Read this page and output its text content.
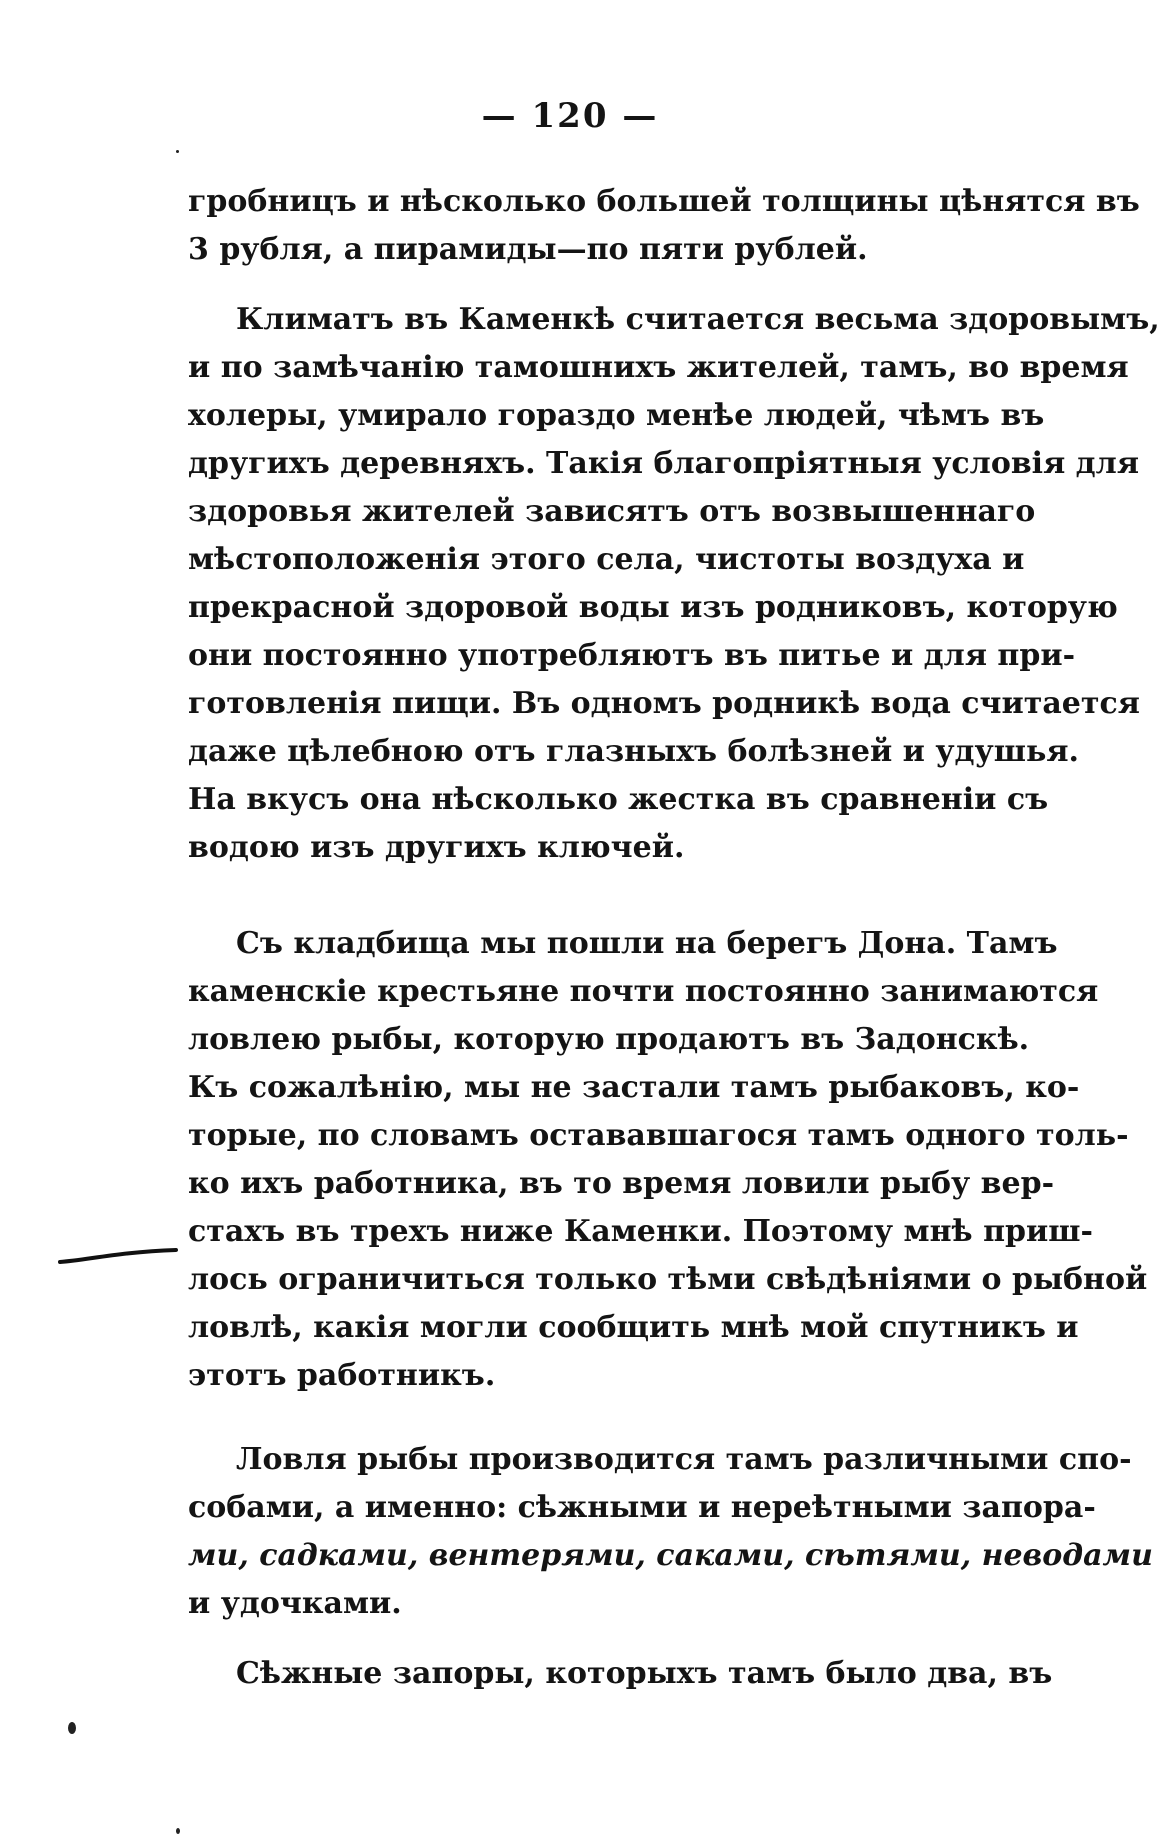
— 120 —
гробницъ и нѣсколько большей толщины цѣнятся въ
3 рубля, а пирамиды—по пяти рублей.
Климатъ въ Каменкѣ считается весьма здоровымъ,
и по замѣчанію тамошнихъ жителей, тамъ, во время
холеры, умирало гораздо менѣе людей, чѣмъ въ
другихъ деревняхъ. Такія благопріятныя условія для
здоровья жителей зависятъ отъ возвышеннаго
мѣстоположенія этого села, чистоты воздуха и
прекрасной здоровой воды изъ родниковъ, которую
они постоянно употребляютъ въ питье и для при-
готовленія пищи. Въ одномъ родникѣ вода считается
даже цѣлебною отъ глазныхъ болѣзней и удушья.
На вкусъ она нѣсколько жестка въ сравненіи съ
водою изъ другихъ ключей.
Съ кладбища мы пошли на берегъ Дона. Тамъ
каменскіе крестьяне почти постоянно занимаются
ловлею рыбы, которую продаютъ въ Задонскѣ.
Къ сожалѣнію, мы не застали тамъ рыбаковъ, ко-
торые, по словамъ остававшагося тамъ одного толь-
ко ихъ работника, въ то время ловили рыбу вер-
стахъ въ трехъ ниже Каменки. Поэтому мнѣ приш-
лось ограничиться только тѣми свѣдѣніями о рыбной
ловлѣ, какія могли сообщить мнѣ мой спутникъ и
этотъ работникъ.
Ловля рыбы производится тамъ различными спо-
собами, а именно: сѣжными и нереѣтными запора-
ми, садками, вентерями, саками, сѣтями, неводами
и удочками.
Сѣжные запоры, которыхъ тамъ было два, въ
